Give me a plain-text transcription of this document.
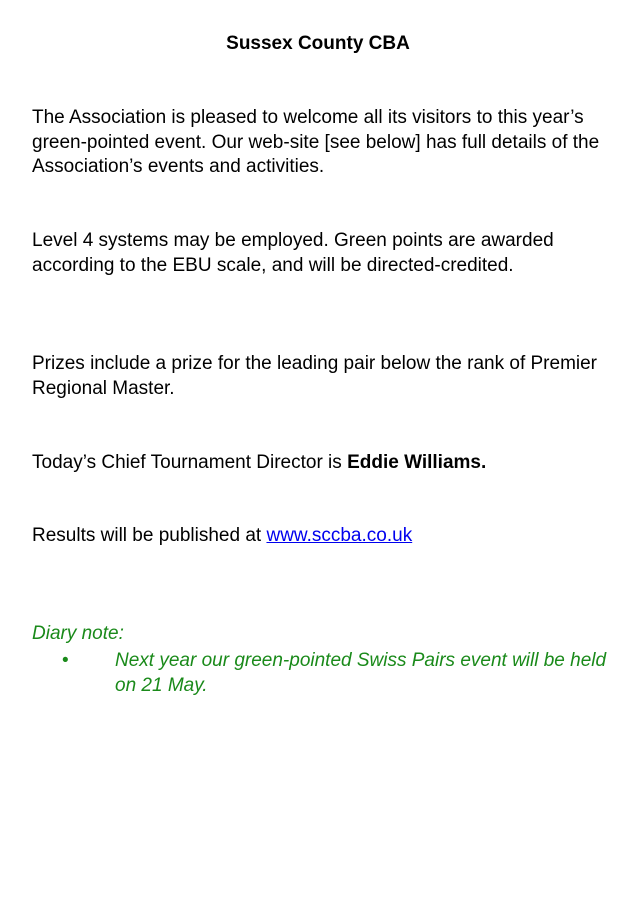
Sussex County CBA

The Association is pleased to welcome all its visitors to this year’s green-pointed event. Our web-site [see below] has full details of the Association’s events and activities.

Level 4 systems may be employed. Green points are awarded according to the EBU scale, and will be directed-credited.

Prizes include a prize for the leading pair below the rank of Premier Regional Master.

Today’s Chief Tournament Director is Eddie Williams.

Results will be published at www.sccba.co.uk

Diary note:
• Next year our green-pointed Swiss Pairs event will be held on 21 May.
